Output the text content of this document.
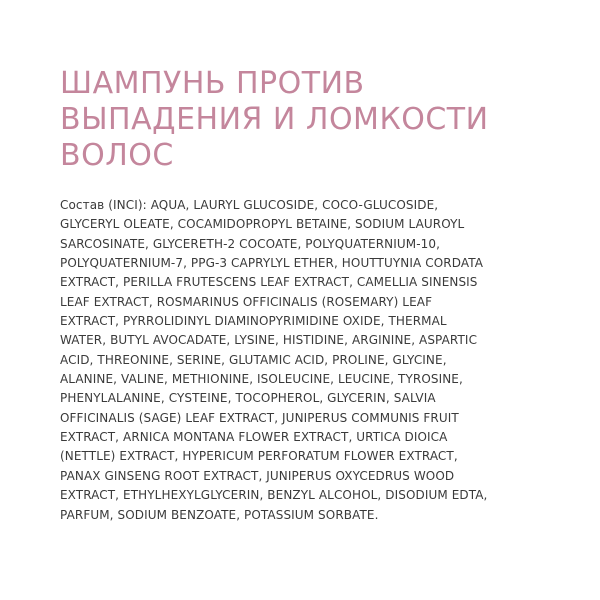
ШАМПУНЬ ПРОТИВ
ВЫПАДЕНИЯ И ЛОМКОСТИ
ВОЛОС
Состав (INCI): AQUA, LAURYL GLUCOSIDE, COCO-GLUCOSIDE,
GLYCERYL OLEATE, COCAMIDOPROPYL BETAINE, SODIUM LAUROYL
SARCOSINATE, GLYCERETH-2 COCOATE, POLYQUATERNIUM-10,
POLYQUATERNIUM-7, PPG-3 CAPRYLYL ETHER, HOUTTUYNIA CORDATA
EXTRACT, PERILLA FRUTESCENS LEAF EXTRACT, CAMELLIA SINENSIS
LEAF EXTRACT, ROSMARINUS OFFICINALIS (ROSEMARY) LEAF
EXTRACT, PYRROLIDINYL DIAMINOPYRIMIDINE OXIDE, THERMAL
WATER, BUTYL AVOCADATE, LYSINE, HISTIDINE, ARGININE, ASPARTIC
ACID, THREONINE, SERINE, GLUTAMIC ACID, PROLINE, GLYCINE,
ALANINE, VALINE, METHIONINE, ISOLEUCINE, LEUCINE, TYROSINE,
PHENYLALANINE, CYSTEINE, TOCOPHEROL, GLYCERIN, SALVIA
OFFICINALIS (SAGE) LEAF EXTRACT, JUNIPERUS COMMUNIS FRUIT
EXTRACT, ARNICA MONTANA FLOWER EXTRACT, URTICA DIOICA
(NETTLE) EXTRACT, HYPERICUM PERFORATUM FLOWER EXTRACT,
PANAX GINSENG ROOT EXTRACT, JUNIPERUS OXYCEDRUS WOOD
EXTRACT, ETHYLHEXYLGLYCERIN, BENZYL ALCOHOL, DISODIUM EDTA,
PARFUM, SODIUM BENZOATE, POTASSIUM SORBATE.
